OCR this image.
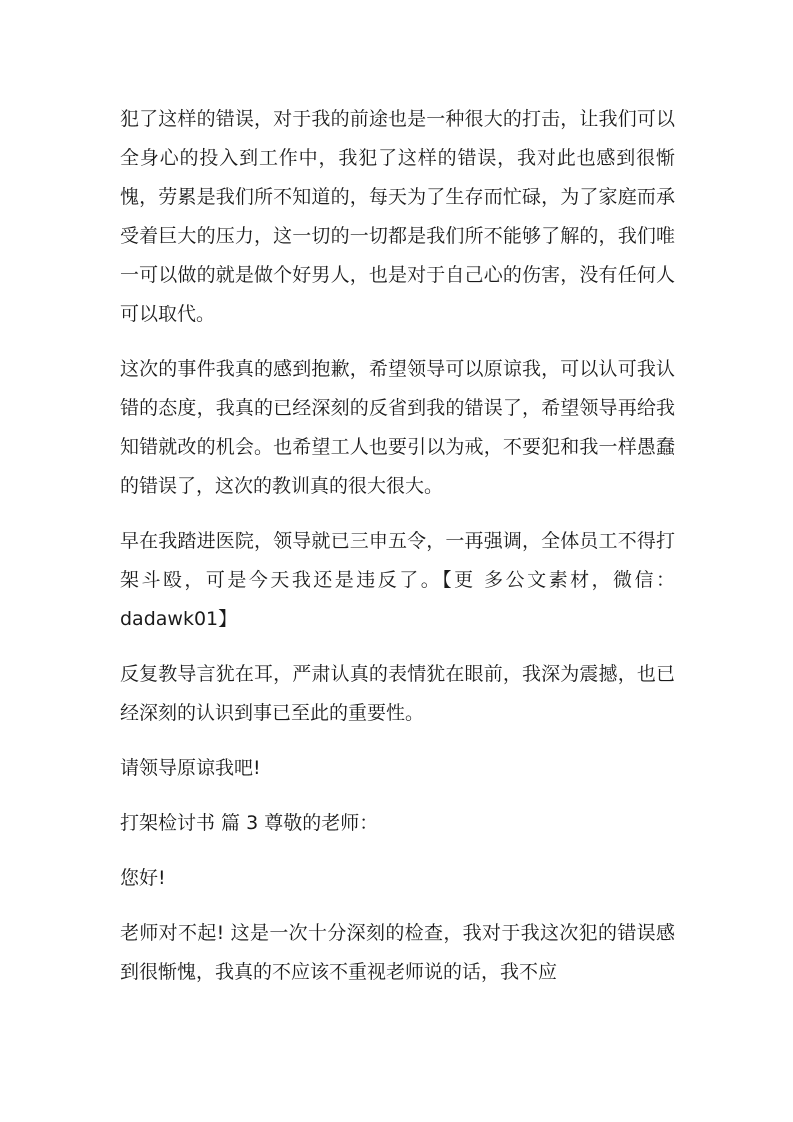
犯了这样的错误，对于我的前途也是一种很大的打击，让我们可以全身心的投入到工作中，我犯了这样的错误，我对此也感到很惭愧，劳累是我们所不知道的，每天为了生存而忙碌，为了家庭而承受着巨大的压力，这一切的一切都是我们所不能够了解的，我们唯一可以做的就是做个好男人，也是对于自己心的伤害，没有任何人可以取代。

这次的事件我真的感到抱歉，希望领导可以原谅我，可以认可我认错的态度，我真的已经深刻的反省到我的错误了，希望领导再给我知错就改的机会。也希望工人也要引以为戒，不要犯和我一样愚蠢的错误了，这次的教训真的很大很大。

早在我踏进医院，领导就已三申五令，一再强调，全体员工不得打架斗殴，可是今天我还是违反了。【更 多公文素材，微信：dadawk01】

反复教导言犹在耳，严肃认真的表情犹在眼前，我深为震撼，也已经深刻的认识到事已至此的重要性。

请领导原谅我吧!

打架检讨书 篇 3 尊敬的老师：

您好!

老师对不起! 这是一次十分深刻的检查，我对于我这次犯的错误感到很惭愧，我真的不应该不重视老师说的话，我不应
